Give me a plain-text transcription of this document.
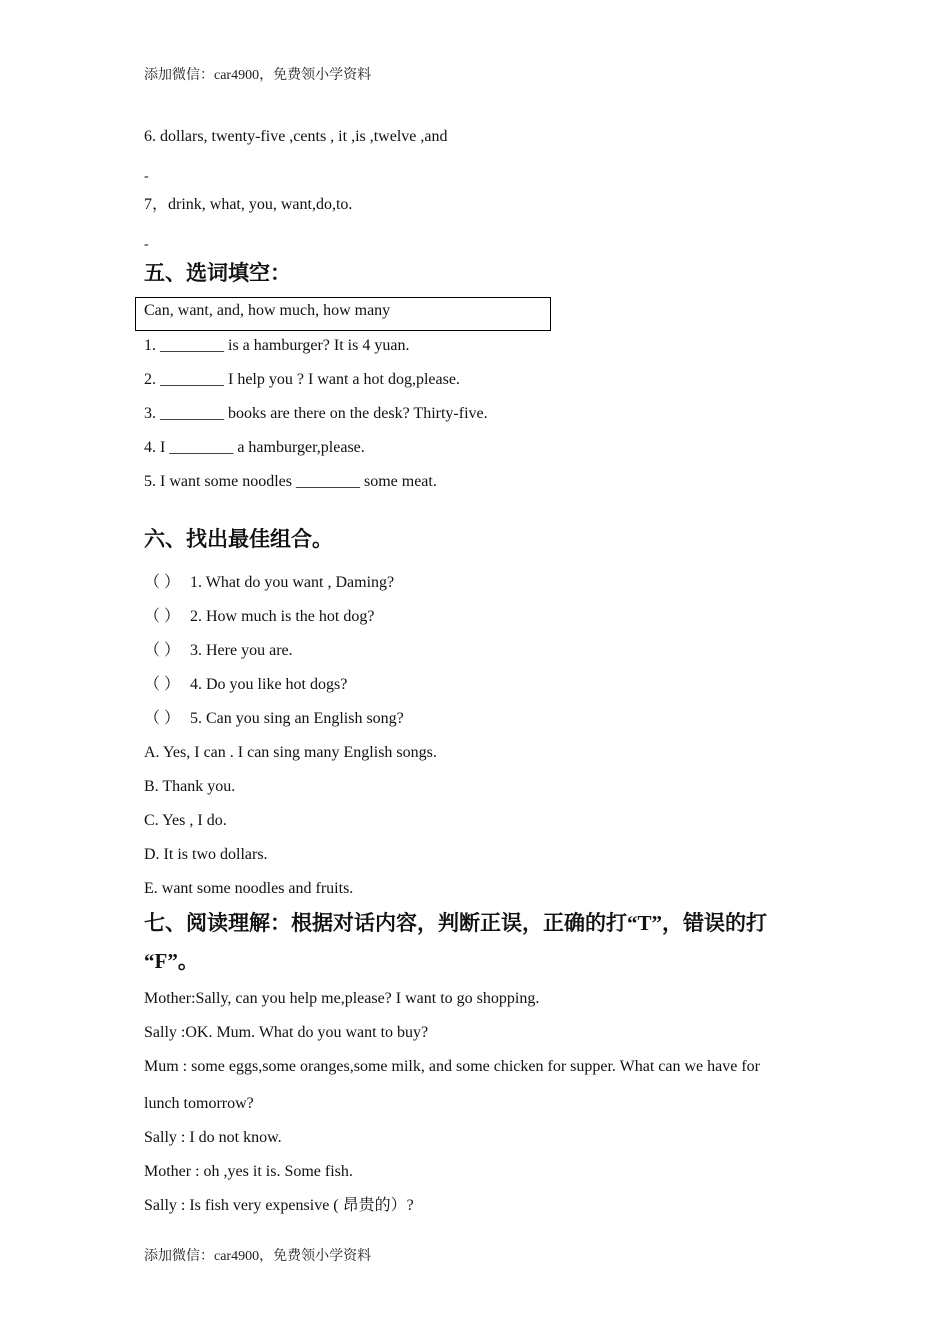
添加微信：car4900，免费领小学资料
6. dollars, twenty-five ,cents , it ,is ,twelve ,and
-
7，drink, what, you, want,do,to.
-
五、选词填空：
Can, want, and, how much, how many
1. ________ is a hamburger? It is 4 yuan.
2. ________ I help you ? I want a hot dog,please.
3. ________ books are there on the desk? Thirty-five.
4. I ________ a hamburger,please.
5. I want some noodles ________ some meat.
六、找出最佳组合。
（ ） 1. What do you want , Daming?
（ ） 2. How much is the hot dog?
（ ） 3. Here you are.
（ ） 4. Do you like hot dogs?
（ ） 5. Can you sing an English song?
A. Yes, I can . I can sing many English songs.
B. Thank you.
C. Yes , I do.
D. It is two dollars.
E. want some noodles and fruits.
七、阅读理解：根据对话内容，判断正误，正确的打“T”，错误的打
“F”。
Mother:Sally, can you help me,please? I want to go shopping.
Sally :OK. Mum. What do you want to buy?
Mum : some eggs,some oranges,some milk, and some chicken for supper. What can we have for
lunch tomorrow?
Sally : I do not know.
Mother : oh ,yes it is. Some fish.
Sally : Is fish very expensive ( 昂贵的）?
添加微信：car4900，免费领小学资料
